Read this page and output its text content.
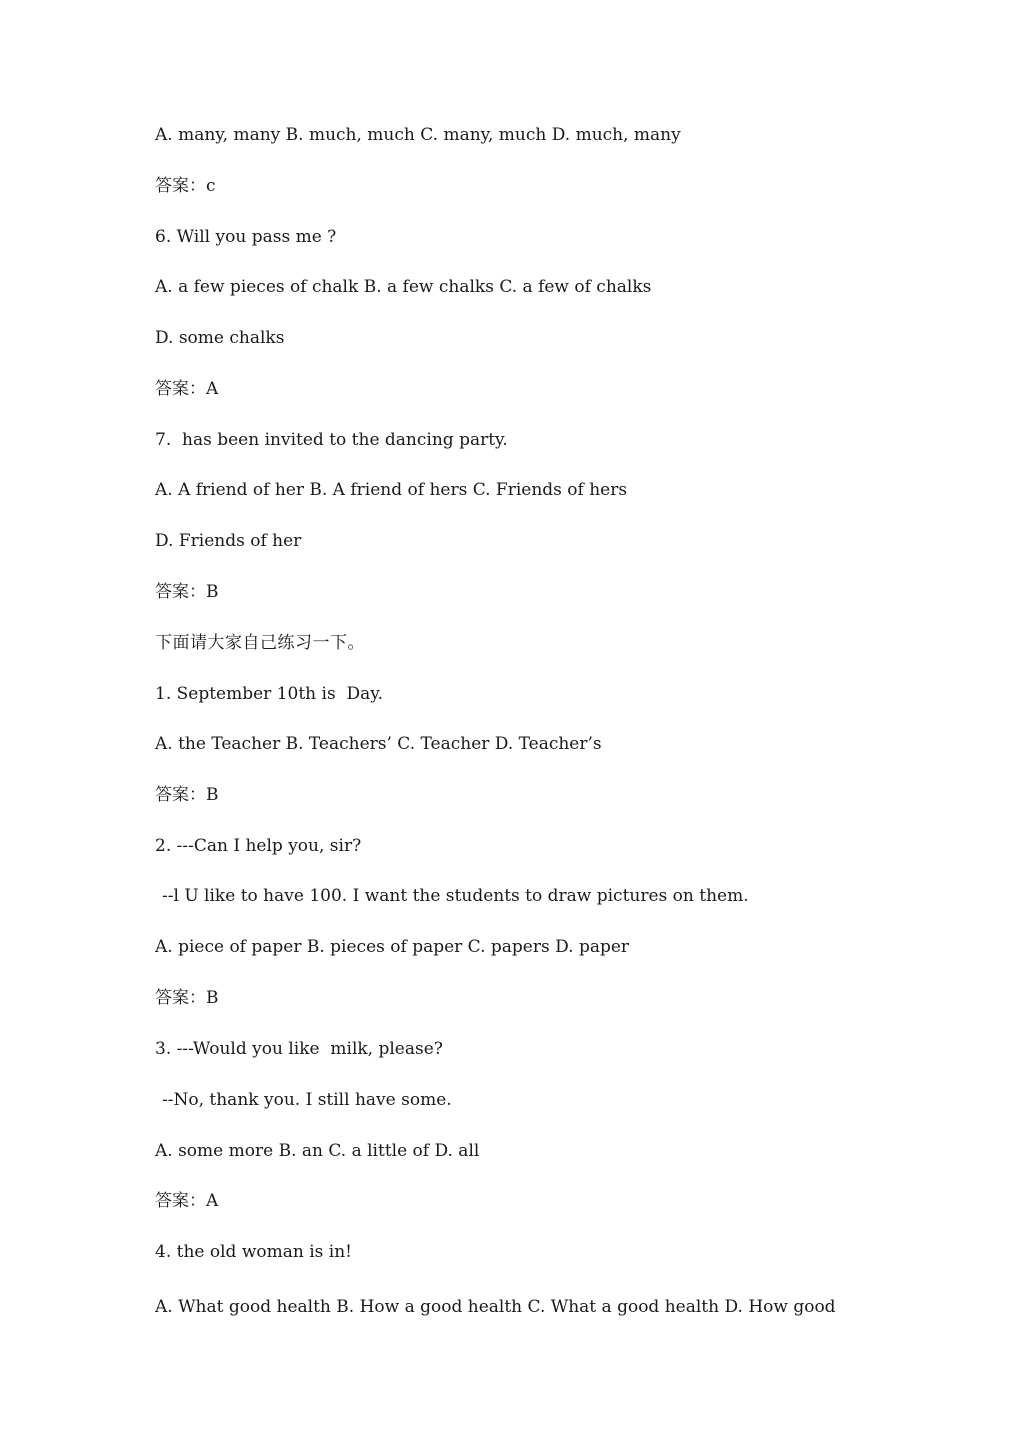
A. many, many B. much, much C. many, much D. much, many
答案：c
6. Will you pass me ?
A. a few pieces of chalk B. a few chalks C. a few of chalks
D. some chalks
答案：A
7.  has been invited to the dancing party.
A. A friend of her B. A friend of hers C. Friends of hers
D. Friends of her
答案：B
下面请大家自己练习一下。
1. September 10th is  Day.
A. the Teacher B. Teachers’ C. Teacher D. Teacher’s
答案：B
2. ---Can I help you, sir?
--l U like to have 100. I want the students to draw pictures on them.
A. piece of paper B. pieces of paper C. papers D. paper
答案：B
3. ---Would you like  milk, please?
--No, thank you. I still have some.
A. some more B. an C. a little of D. all
答案：A
4. the old woman is in!
A. What good health B. How a good health C. What a good health D. How good
